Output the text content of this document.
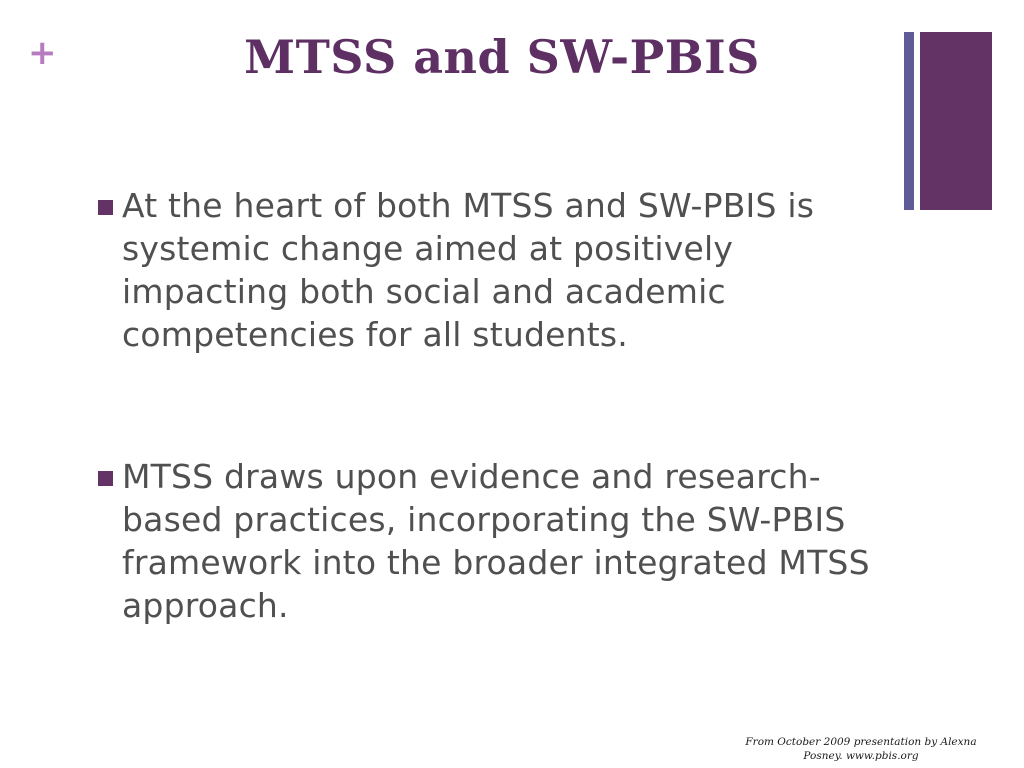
+	MTSS and SW-PBIS
At the heart of both MTSS and SW-PBIS is systemic change aimed at positively impacting both social and academic competencies for all students.
MTSS draws upon evidence and research-based practices, incorporating the SW-PBIS framework into the broader integrated MTSS approach.
From October 2009 presentation by Alexna Posney. www.pbis.org
